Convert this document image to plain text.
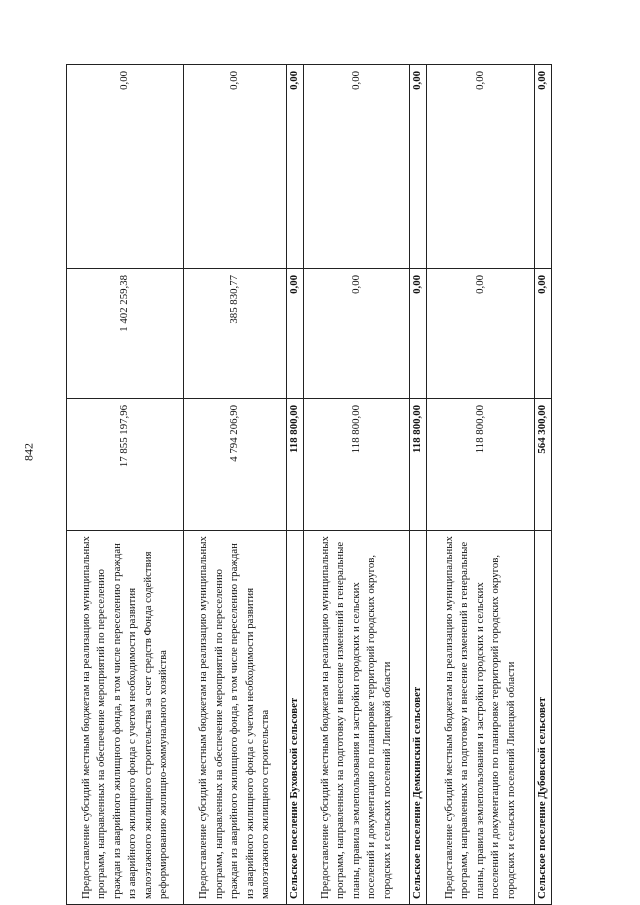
842
Предоставление субсидий местным бюджетам на реализацию муниципальных программ, направленных на обеспечение мероприятий по переселению граждан из аварийного жилищного фонда, в том числе переселению граждан из аварийного жилищного фонда с учетом необходимости развития малоэтажного жилищного строительства за счет средств Фонда содействия реформированию жилищно-коммунального хозяйства	17 855 197,96	1 402 259,38	0,00
Предоставление субсидий местным бюджетам на реализацию муниципальных программ, направленных на обеспечение мероприятий по переселению граждан из аварийного жилищного фонда, в том числе переселению граждан из аварийного жилищного фонда с учетом необходимости развития малоэтажного жилищного строительства	4 794 206,90	385 830,77	0,00
Сельское поселение Буховской сельсовет	118 800,00	0,00	0,00
Предоставление субсидий местным бюджетам на реализацию муниципальных программ, направленных на подготовку и внесение изменений в генеральные планы, правила землепользования и застройки городских и сельских поселений и документацию по планировке территорий городских округов, городских и сельских поселений Липецкой области	118 800,00	0,00	0,00
Сельское поселение Демкинский сельсовет	118 800,00	0,00	0,00
Предоставление субсидий местным бюджетам на реализацию муниципальных программ, направленных на подготовку и внесение изменений в генеральные планы, правила землепользования и застройки городских и сельских поселений и документацию по планировке территорий городских округов, городских и сельских поселений Липецкой области	118 800,00	0,00	0,00
Сельское поселение Дубовской сельсовет	564 300,00	0,00	0,00
